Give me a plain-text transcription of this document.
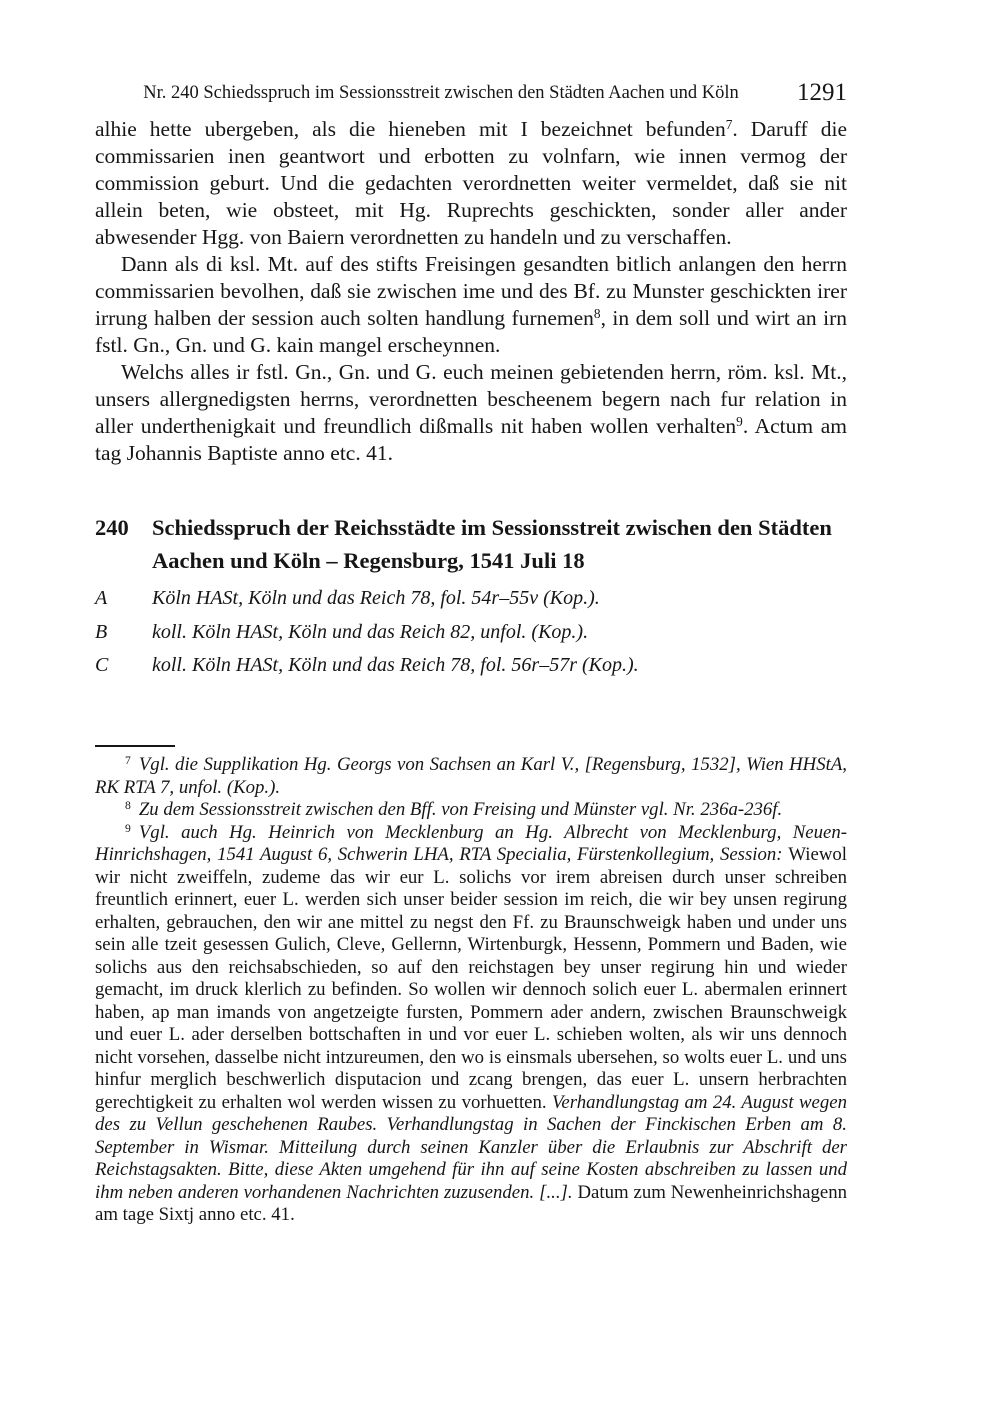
Nr. 240 Schiedsspruch im Sessionsstreit zwischen den Städten Aachen und Köln	1291

alhie hette ubergeben, als die hieneben mit I bezeichnet befunden$^7$. Daruff die commissarien inen geantwort und erbotten zu volnfarn, wie innen vermog der commission geburt. Und die gedachten verordnetten weiter vermeldet, daß sie nit allein beten, wie obsteet, mit Hg. Ruprechts geschickten, sonder aller ander abwesender Hgg. von Baiern verordnetten zu handeln und zu verschaffen.

Dann als di ksl. Mt. auf des stifts Freisingen gesandten bitlich anlangen den herrn commissarien bevolhen, daß sie zwischen ime und des Bf. zu Munster geschickten irer irrung halben der session auch solten handlung furnemen$^8$, in dem soll und wirt an irn fstl. Gn., Gn. und G. kain mangel erscheynnen.

Welchs alles ir fstl. Gn., Gn. und G. euch meinen gebietenden herrn, röm. ksl. Mt., unsers allergnedigsten herrns, verordnetten bescheenem begern nach fur relation in aller underthenigkait und freundlich dißmalls nit haben wollen verhalten$^9$. Actum am tag Johannis Baptiste anno etc. 41.

240	Schiedsspruch der Reichsstädte im Sessionsstreit zwischen den Städten Aachen und Köln – Regensburg, 1541 Juli 18
A	Köln HASt, Köln und das Reich 78, fol. 54r–55v (Kop.).
B	koll. Köln HASt, Köln und das Reich 82, unfol. (Kop.).
C	koll. Köln HASt, Köln und das Reich 78, fol. 56r–57r (Kop.).

$^7$ Vgl. die Supplikation Hg. Georgs von Sachsen an Karl V., [Regensburg, 1532], Wien HHStA, RK RTA 7, unfol. (Kop.).

$^8$ Zu dem Sessionsstreit zwischen den Bff. von Freising und Münster vgl. Nr. 236a-236f.

$^9$ Vgl. auch Hg. Heinrich von Mecklenburg an Hg. Albrecht von Mecklenburg, Neuen-Hinrichshagen, 1541 August 6, Schwerin LHA, RTA Specialia, Fürstenkollegium, Session: Wiewol wir nicht zweiffeln, zudeme das wir eur L. solichs vor irem abreisen durch unser schreiben freuntlich erinnert, euer L. werden sich unser beider session im reich, die wir bey unsen regirung erhalten, gebrauchen, den wir ane mittel zu negst den Ff. zu Braunschweigk haben und under uns sein alle tzeit gesessen Gulich, Cleve, Gellernn, Wirtenburgk, Hessenn, Pommern und Baden, wie solichs aus den reichsabschieden, so auf den reichstagen bey unser regirung hin und wieder gemacht, im druck klerlich zu befinden. So wollen wir dennoch solich euer L. abermalen erinnert haben, ap man imands von angetzeigte fursten, Pommern ader andern, zwischen Braunschweigk und euer L. ader derselben bottschaften in und vor euer L. schieben wolten, als wir uns dennoch nicht vorsehen, dasselbe nicht intzureumen, den wo is einsmals ubersehen, so wolts euer L. und uns hinfur merglich beschwerlich disputacion und zcang brengen, das euer L. unsern herbrachten gerechtigkeit zu erhalten wol werden wissen zu vorhuetten. Verhandlungstag am 24. August wegen des zu Vellun geschehenen Raubes. Verhandlungstag in Sachen der Finckischen Erben am 8. September in Wismar. Mitteilung durch seinen Kanzler über die Erlaubnis zur Abschrift der Reichstagsakten. Bitte, diese Akten umgehend für ihn auf seine Kosten abschreiben zu lassen und ihm neben anderen vorhandenen Nachrichten zuzusenden. [...]. Datum zum Newenheinrichshagenn am tage Sixtj anno etc. 41.
